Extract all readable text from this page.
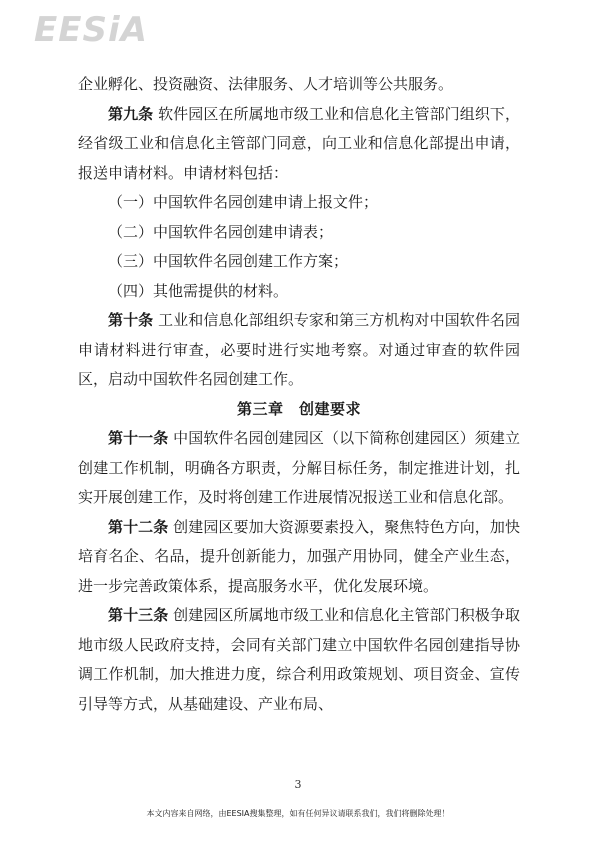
EESiA

企业孵化、投资融资、法律服务、人才培训等公共服务。

第九条 软件园区在所属地市级工业和信息化主管部门组织下，经省级工业和信息化主管部门同意，向工业和信息化部提出申请，报送申请材料。申请材料包括：

（一）中国软件名园创建申请上报文件；

（二）中国软件名园创建申请表；

（三）中国软件名园创建工作方案；

（四）其他需提供的材料。

第十条 工业和信息化部组织专家和第三方机构对中国软件名园申请材料进行审查，必要时进行实地考察。对通过审查的软件园区，启动中国软件名园创建工作。

第三章　创建要求

第十一条 中国软件名园创建园区（以下简称创建园区）须建立创建工作机制，明确各方职责，分解目标任务，制定推进计划，扎实开展创建工作，及时将创建工作进展情况报送工业和信息化部。

第十二条 创建园区要加大资源要素投入，聚焦特色方向，加快培育名企、名品，提升创新能力，加强产用协同，健全产业生态，进一步完善政策体系，提高服务水平，优化发展环境。

第十三条 创建园区所属地市级工业和信息化主管部门积极争取地市级人民政府支持，会同有关部门建立中国软件名园创建指导协调工作机制，加大推进力度，综合利用政策规划、项目资金、宣传引导等方式，从基础建设、产业布局、

3
本文内容来自网络，由EESIA搜集整理，如有任何异议请联系我们，我们将删除处理！
